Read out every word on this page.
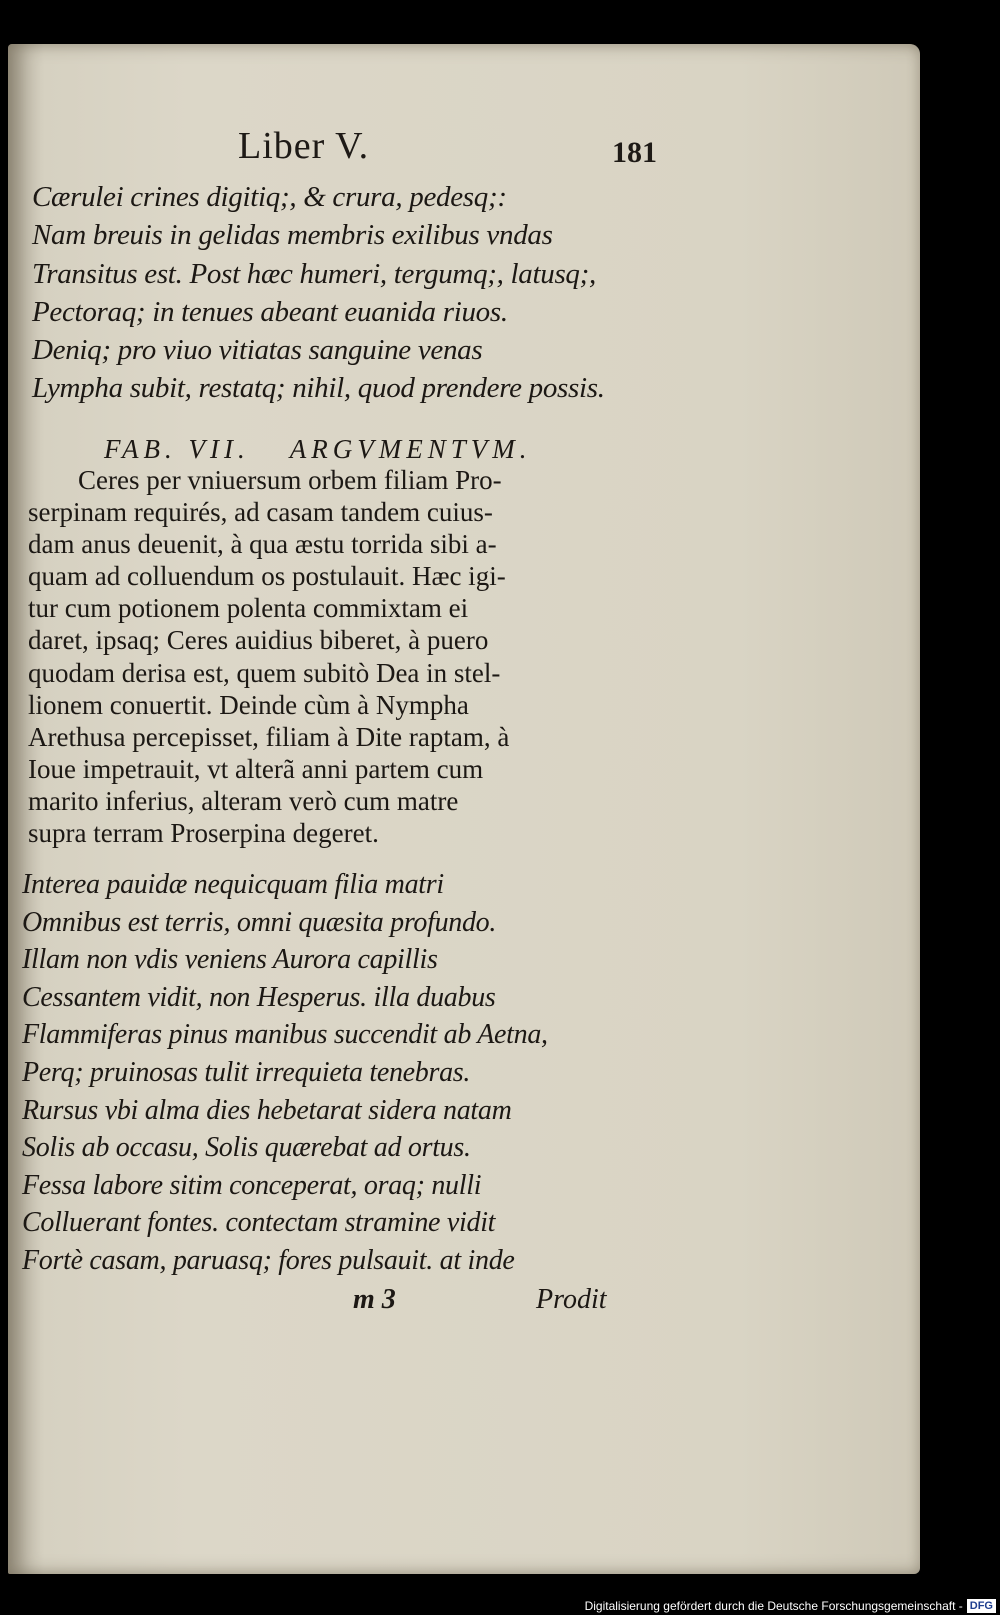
Liber V.	181
Cærulei crines digitiq;, & crura, pedesq;:
Nam breuis in gelidas membris exilibus vndas
Transitus est. Post hæc humeri, tergumq;, latusq;,
Pectoraq; in tenues abeant euanida riuos.
Deniq; pro viuo vitiatas sanguine venas
Lympha subit, restatq; nihil, quod prendere possis.
FAB. VII. ARGVMENTVM.
Ceres per vniuersum orbem filiam Pro-
serpinam requirés, ad casam tandem cuius-
dam anus deuenit, à qua æstu torrida sibi a-
quam ad colluendum os postulauit. Hæc igi-
tur cum potionem polenta commixtam ei
daret, ipsaq; Ceres auidius biberet, à puero
quodam derisa est, quem subitò Dea in stel-
lionem conuertit. Deinde cùm à Nympha
Arethusa percepisset, filiam à Dite raptam, à
Ioue impetrauit, vt alterã anni partem cum
marito inferius, alteram verò cum matre
supra terram Proserpina degeret.
Interea pauidæ nequicquam filia matri
Omnibus est terris, omni quæsita profundo.
Illam non vdis veniens Aurora capillis
Cessantem vidit, non Hesperus. illa duabus
Flammiferas pinus manibus succendit ab Aetna,
Perq; pruinosas tulit irrequieta tenebras.
Rursus vbi alma dies hebetarat sidera natam
Solis ab occasu, Solis quærebat ad ortus.
Fessa labore sitim conceperat, oraq; nulli
Colluerant fontes. contectam stramine vidit
Fortè casam, paruasq; fores pulsauit. at inde
m 3	Prodit
Digitalisierung gefördert durch die Deutsche Forschungsgemeinschaft - DFG
